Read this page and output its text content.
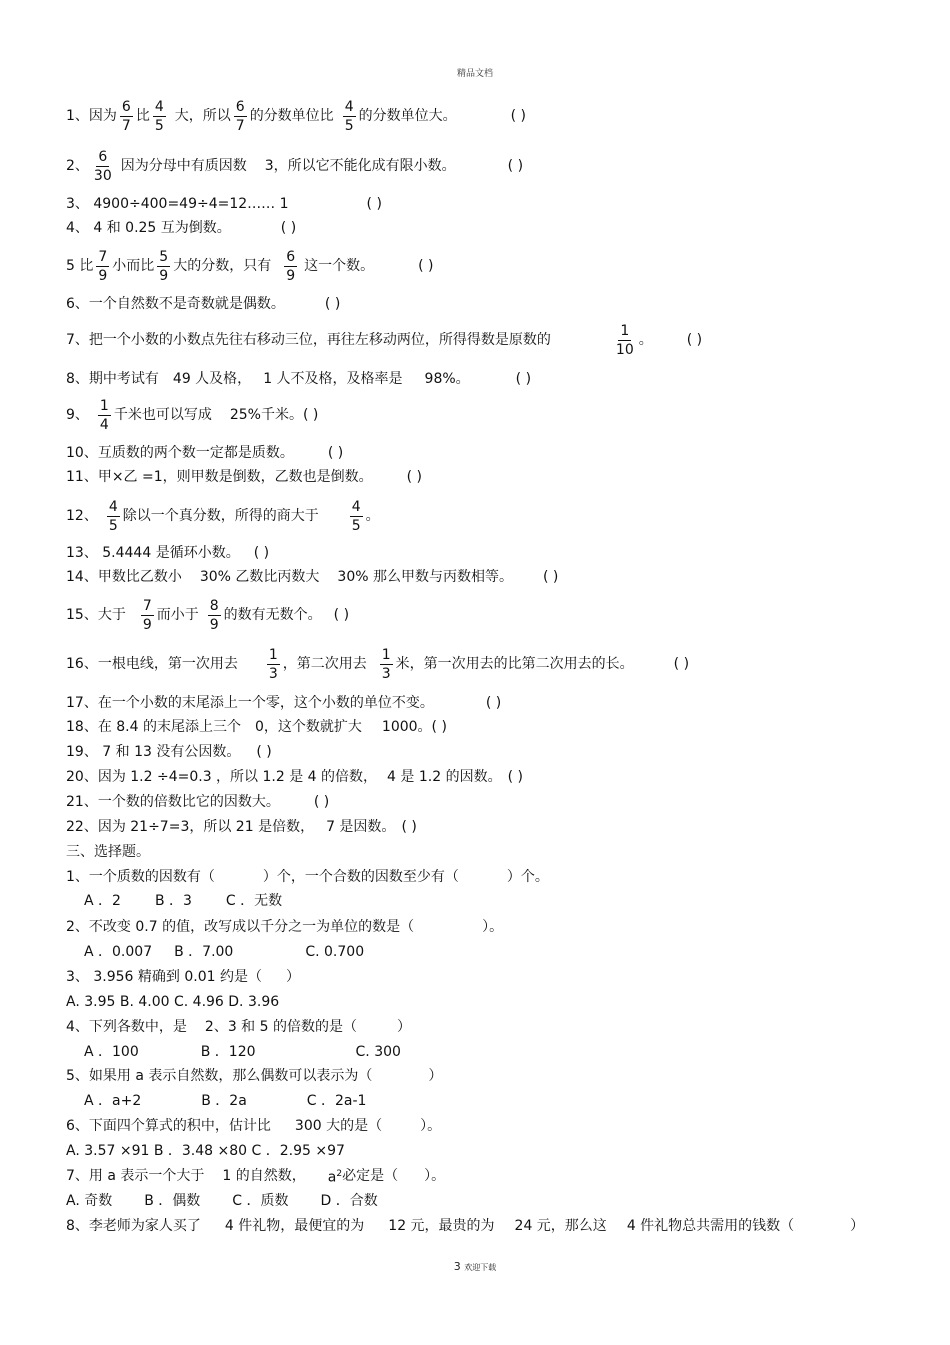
精品文档
1、因为 $\frac{6}{7}$ 比 $\frac{4}{5}$ 大，所以 $\frac{6}{7}$ 的分数单位比 $\frac{4}{5}$ 的分数单位大。	( )
2、 $\frac{6}{30}$ 因为分母中有质因数 3，所以它不能化成有限小数。	( )
3、 4900÷400=49÷4=12…… 1	( )
4、 4 和 0.25 互为倒数。	( )
5 比 $\frac{7}{9}$ 小而比 $\frac{5}{9}$ 大的分数，只有 $\frac{6}{9}$ 这一个数。	( )
6、一个自然数不是奇数就是偶数。	( )
7、把一个小数的小数点先往右移动三位，再往左移动两位，所得得数是原数的	$\frac{1}{10}$ 。 ( )
8、期中考试有 49 人及格， 1 人不及格，及格率是 98%。	( )
9、 $\frac{1}{4}$ 千米也可以写成 25%千米。 ( )
10、互质数的两个数一定都是质数。 ( )
11、甲×乙 =1，则甲数是倒数，乙数也是倒数。 ( )
12、 $\frac{4}{5}$ 除以一个真分数，所得的商大于 $\frac{4}{5}$ 。
13、 5.4444 是循环小数。 ( )
14、甲数比乙数小 30% 乙数比丙数大 30% 那么甲数与丙数相等。 ( )
15、大于 $\frac{7}{9}$ 而小于 $\frac{8}{9}$ 的数有无数个。 ( )
16、一根电线，第一次用去 $\frac{1}{3}$ ，第二次用去 $\frac{1}{3}$ 米，第一次用去的比第二次用去的长。	( )
17、在一个小数的末尾添上一个零，这个小数的单位不变。	( )
18、在 8.4 的末尾添上三个 0，这个数就扩大 1000。 ( )
19、 7 和 13 没有公因数。 ( )
20、因为 1.2 ÷4=0.3 ，所以 1.2 是 4 的倍数， 4 是 1.2 的因数。 ( )
21、一个数的倍数比它的因数大。 ( )
22、因为 21÷7=3，所以 21 是倍数， 7 是因数。 ( )
三、选择题。
1、一个质数的因数有（	）个，一个合数的因数至少有（	）个。
A ．2 B ．3 C ．无数
2、不改变 0.7 的值，改写成以千分之一为单位的数是（	）。
A ．0.007 B ．7.00	C. 0.700
3、 3.956 精确到 0.01 约是（ ）
A. 3.95 B. 4.00 C. 4.96 D. 3.96
4、下列各数中，是 2、3 和 5 的倍数的是（	）
A ．100	B ．120	C. 300
5、如果用 a 表示自然数，那么偶数可以表示为（	）
A ．a+2	B ．2a	C ．2a-1
6、下面四个算式的积中，估计比 300 大的是（	）。
A. 3.57 ×91 B ．3.48 ×80 C ．2.95 ×97
7、用 a 表示一个大于 1 的自然数， $a^2$ 必定是（ ）。
A. 奇数 B ．偶数 C ．质数 D ．合数
8、李老师为家人买了 4 件礼物，最便宜的为 12 元，最贵的为 24 元，那么这 4 件礼物总共需用的钱数（	）
3 欢迎下载
